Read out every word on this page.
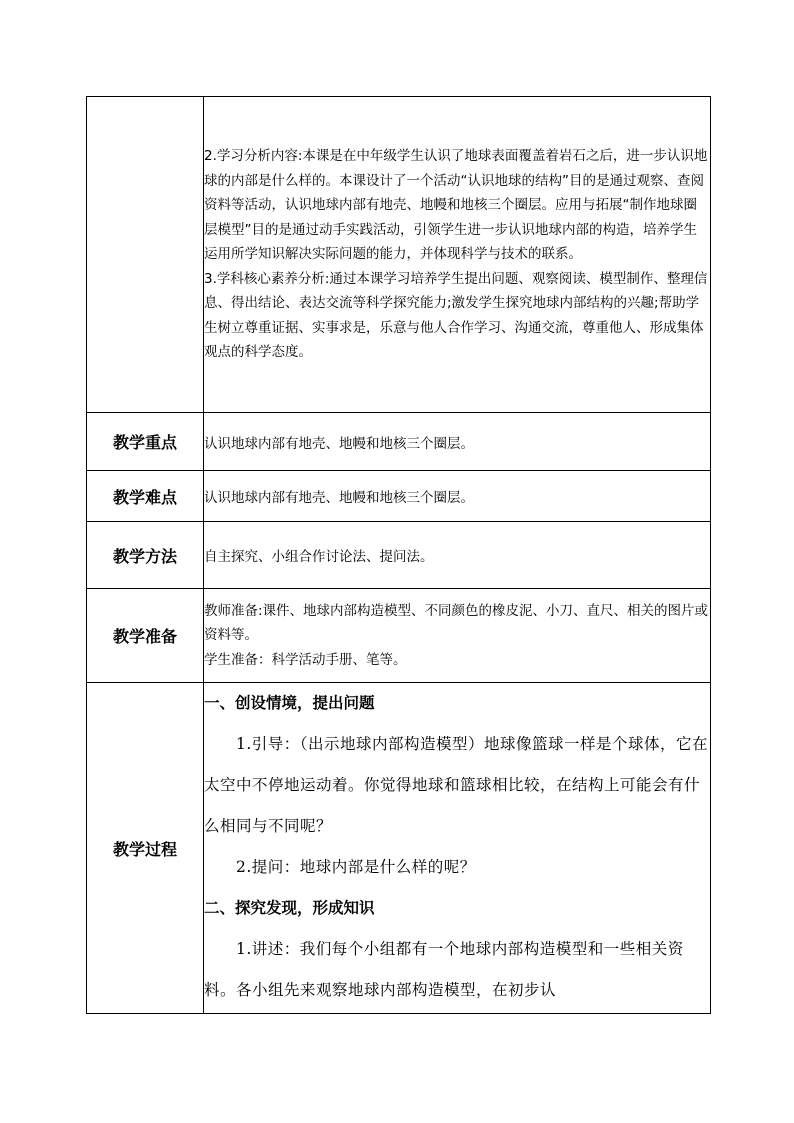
	2.学习分析内容:本课是在中年级学生认识了地球表面覆盖着岩石之后，进一步认识地球的内部是什么样的。本课设计了一个活动“认识地球的结构”目的是通过观察、查阅资料等活动，认识地球内部有地壳、地幔和地核三个圈层。应用与拓展“制作地球圈层模型”目的是通过动手实践活动，引领学生进一步认识地球内部的构造，培养学生运用所学知识解决实际问题的能力，并体现科学与技术的联系。

3.学科核心素养分析:通过本课学习培养学生提出问题、观察阅读、模型制作、整理信息、得出结论、表达交流等科学探究能力;激发学生探究地球内部结构的兴趣;帮助学生树立尊重证据、实事求是，乐意与他人合作学习、沟通交流，尊重他人、形成集体观点的科学态度。

教学重点	认识地球内部有地壳、地幔和地核三个圈层。
教学难点	认识地球内部有地壳、地幔和地核三个圈层。
教学方法	自主探究、小组合作讨论法、提问法。
教学准备	教师准备:课件、地球内部构造模型、不同颜色的橡皮泥、小刀、直尺、相关的图片或资料等。

学生准备：科学活动手册、笔等。

教学过程	一、创设情境，提出问题

1.引导：（出示地球内部构造模型）地球像篮球一样是个球体，它在太空中不停地运动着。你觉得地球和篮球相比较，在结构上可能会有什么相同与不同呢？

2.提问：地球内部是什么样的呢？

二、探究发现，形成知识

1.讲述：我们每个小组都有一个地球内部构造模型和一些相关资料。各小组先来观察地球内部构造模型，在初步认
